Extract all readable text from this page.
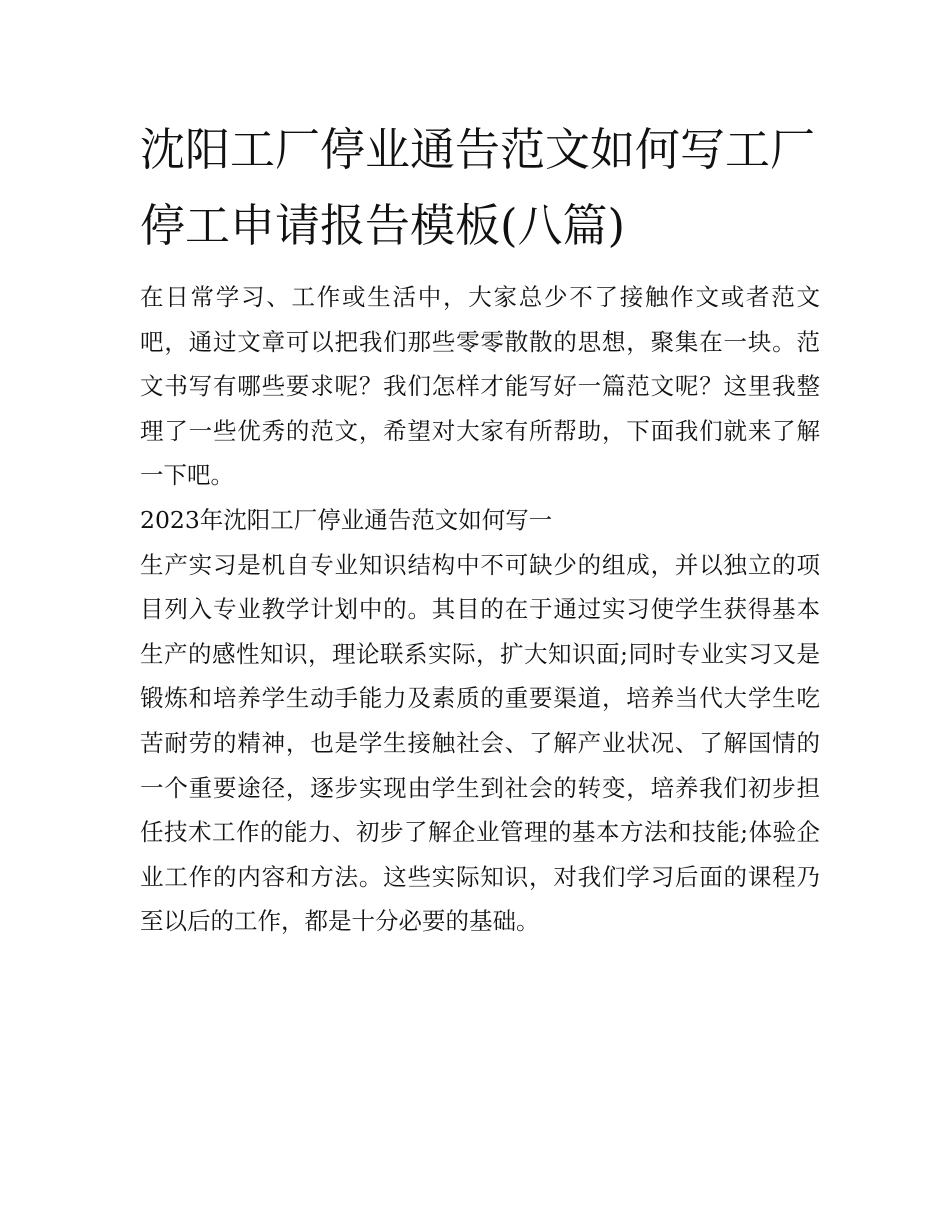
沈阳工厂停业通告范文如何写工厂停工申请报告模板(八篇)

在日常学习、工作或生活中，大家总少不了接触作文或者范文吧，通过文章可以把我们那些零零散散的思想，聚集在一块。范文书写有哪些要求呢？我们怎样才能写好一篇范文呢？这里我整理了一些优秀的范文，希望对大家有所帮助，下面我们就来了解一下吧。

2023年沈阳工厂停业通告范文如何写一

生产实习是机自专业知识结构中不可缺少的组成，并以独立的项目列入专业教学计划中的。其目的在于通过实习使学生获得基本生产的感性知识，理论联系实际，扩大知识面;同时专业实习又是锻炼和培养学生动手能力及素质的重要渠道，培养当代大学生吃苦耐劳的精神，也是学生接触社会、了解产业状况、了解国情的一个重要途径，逐步实现由学生到社会的转变，培养我们初步担任技术工作的能力、初步了解企业管理的基本方法和技能;体验企业工作的内容和方法。这些实际知识，对我们学习后面的课程乃至以后的工作，都是十分必要的基础。
